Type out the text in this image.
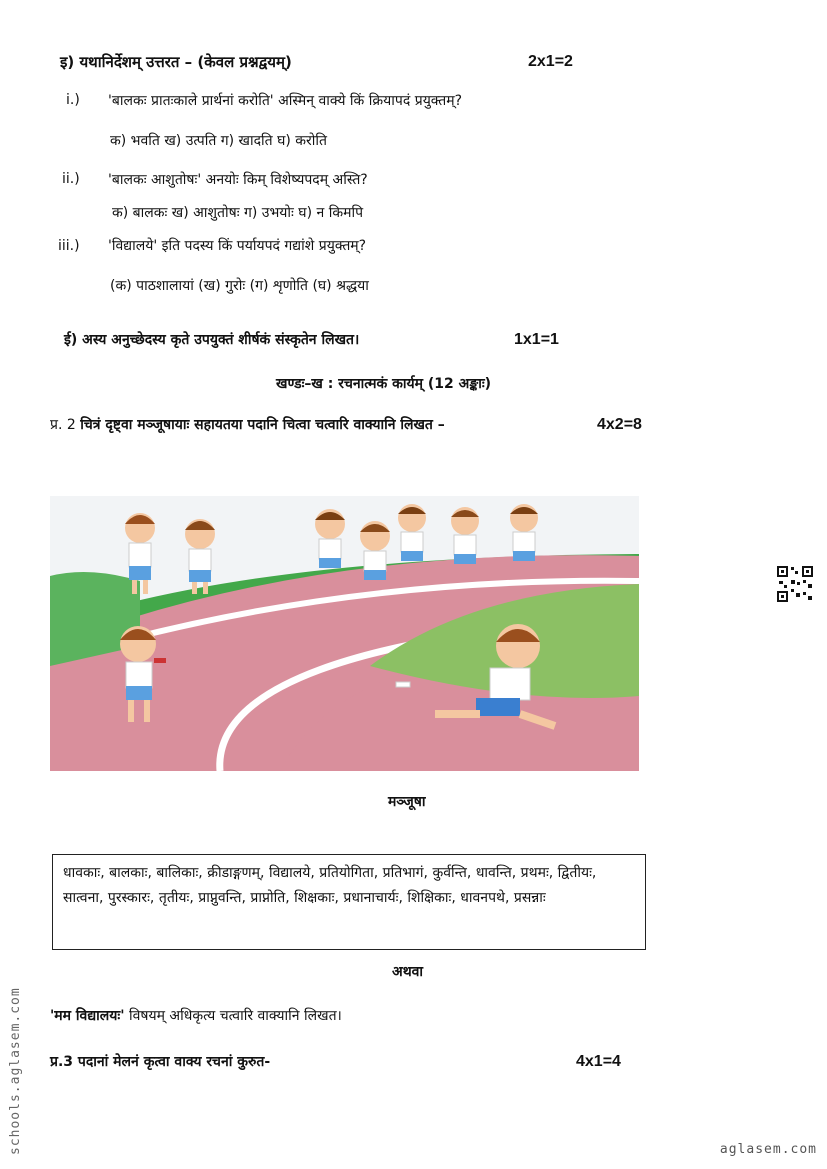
इ) यथानिर्देशम् उत्तरत – (केवल प्रश्नद्वयम्)	2x1=2
i.) 'बालकः प्रातःकाले प्रार्थनां करोति' अस्मिन् वाक्ये किं क्रियापदं प्रयुक्तम्?
क) भवति ख) उत्पति ग) खादति घ) करोति
ii.) 'बालकः आशुतोषः' अनयोः किम् विशेष्यपदम् अस्ति?
क) बालकः ख) आशुतोषः ग) उभयोः घ) न किमपि
iii.) 'विद्यालये' इति पदस्य किं पर्यायपदं गद्यांशे प्रयुक्तम्?
(क) पाठशालायां (ख) गुरोः (ग) शृणोति (घ) श्रद्धया
ई) अस्य अनुच्छेदस्य कृते उपयुक्तं शीर्षकं संस्कृतेन लिखत।	1x1=1
खण्डः–ख : रचनात्मकं कार्यम् (12 अङ्काः)
प्र. 2 चित्रं दृष्ट्वा मञ्जूषायाः सहायतया पदानि चित्वा चत्वारि वाक्यानि लिखत –	4x2=8
मञ्जूषा
धावकाः, बालकाः, बालिकाः, क्रीडाङ्गणम्, विद्यालये, प्रतियोगिता, प्रतिभागं, कुर्वन्ति, धावन्ति, प्रथमः, द्वितीयः, सात्वना, पुरस्कारः, तृतीयः, प्राप्नुवन्ति, प्राप्नोति, शिक्षकाः, प्रधानाचार्यः, शिक्षिकाः, धावनपथे, प्रसन्नाः
अथवा
'मम विद्यालयः' विषयम् अधिकृत्य चत्वारि वाक्यानि लिखत।
प्र.3 पदानां मेलनं कृत्वा वाक्य रचनां कुरुत-	4x1=4
schools.aglasem.com	aglasem.com
